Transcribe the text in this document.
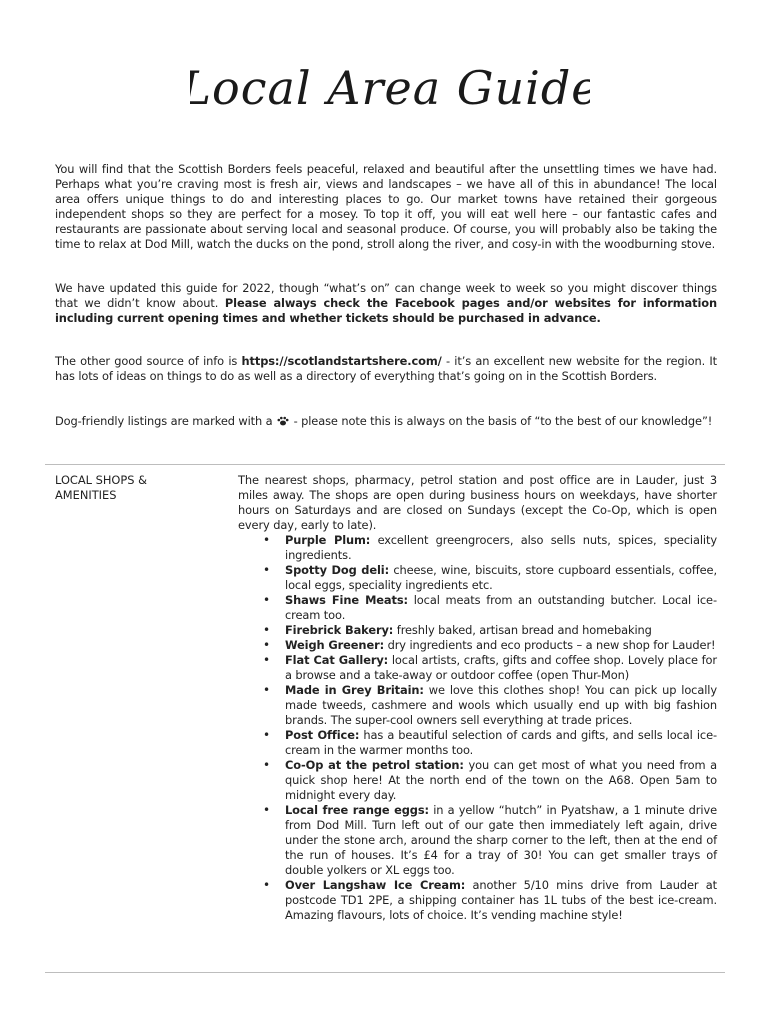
Local Area Guide
You will find that the Scottish Borders feels peaceful, relaxed and beautiful after the unsettling times we have had. Perhaps what you’re craving most is fresh air, views and landscapes – we have all of this in abundance! The local area offers unique things to do and interesting places to go. Our market towns have retained their gorgeous independent shops so they are perfect for a mosey. To top it off, you will eat well here – our fantastic cafes and restaurants are passionate about serving local and seasonal produce. Of course, you will probably also be taking the time to relax at Dod Mill, watch the ducks on the pond, stroll along the river, and cosy-in with the woodburning stove.
We have updated this guide for 2022, though “what’s on” can change week to week so you might discover things that we didn’t know about. Please always check the Facebook pages and/or websites for information including current opening times and whether tickets should be purchased in advance.
The other good source of info is https://scotlandstartshere.com/ - it’s an excellent new website for the region. It has lots of ideas on things to do as well as a directory of everything that’s going on in the Scottish Borders.
Dog-friendly listings are marked with a  - please note this is always on the basis of “to the best of our knowledge”!
LOCAL SHOPS &
AMENITIES
The nearest shops, pharmacy, petrol station and post office are in Lauder, just 3 miles away. The shops are open during business hours on weekdays, have shorter hours on Saturdays and are closed on Sundays (except the Co-Op, which is open every day, early to late).
• Purple Plum: excellent greengrocers, also sells nuts, spices, speciality ingredients.
• Spotty Dog deli: cheese, wine, biscuits, store cupboard essentials, coffee, local eggs, speciality ingredients etc.
• Shaws Fine Meats: local meats from an outstanding butcher. Local ice-cream too.
• Firebrick Bakery: freshly baked, artisan bread and homebaking
• Weigh Greener: dry ingredients and eco products – a new shop for Lauder!
• Flat Cat Gallery: local artists, crafts, gifts and coffee shop. Lovely place for a browse and a take-away or outdoor coffee (open Thur-Mon)
• Made in Grey Britain: we love this clothes shop! You can pick up locally made tweeds, cashmere and wools which usually end up with big fashion brands. The super-cool owners sell everything at trade prices.
• Post Office: has a beautiful selection of cards and gifts, and sells local ice-cream in the warmer months too.
• Co-Op at the petrol station: you can get most of what you need from a quick shop here! At the north end of the town on the A68. Open 5am to midnight every day.
• Local free range eggs: in a yellow “hutch” in Pyatshaw, a 1 minute drive from Dod Mill. Turn left out of our gate then immediately left again, drive under the stone arch, around the sharp corner to the left, then at the end of the run of houses. It’s £4 for a tray of 30! You can get smaller trays of double yolkers or XL eggs too.
• Over Langshaw Ice Cream: another 5/10 mins drive from Lauder at postcode TD1 2PE, a shipping container has 1L tubs of the best ice-cream. Amazing flavours, lots of choice. It’s vending machine style!
